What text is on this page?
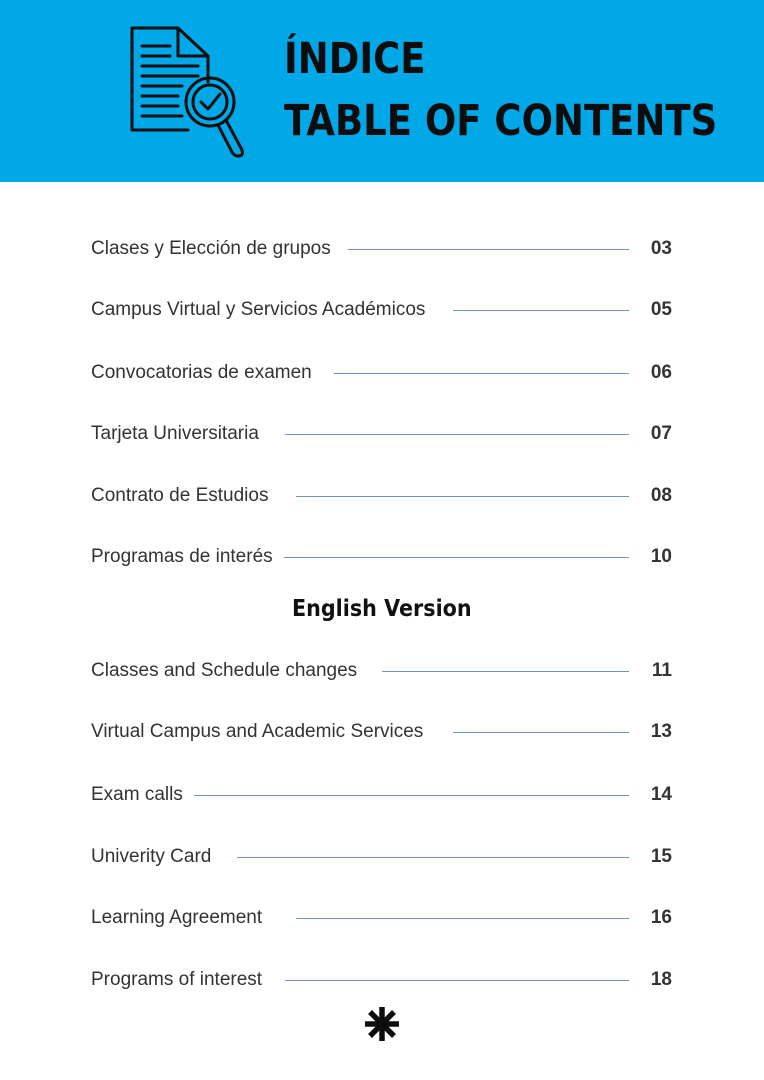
ÍNDICE
TABLE OF CONTENTS
Clases y Elección de grupos	03
Campus Virtual y Servicios Académicos	05
Convocatorias de examen	06
Tarjeta Universitaria	07
Contrato de Estudios	08
Programas de interés	10
English Version
Classes and Schedule changes	11
Virtual Campus and Academic Services	13
Exam calls	14
Univerity Card	15
Learning Agreement	16
Programs of interest	18
